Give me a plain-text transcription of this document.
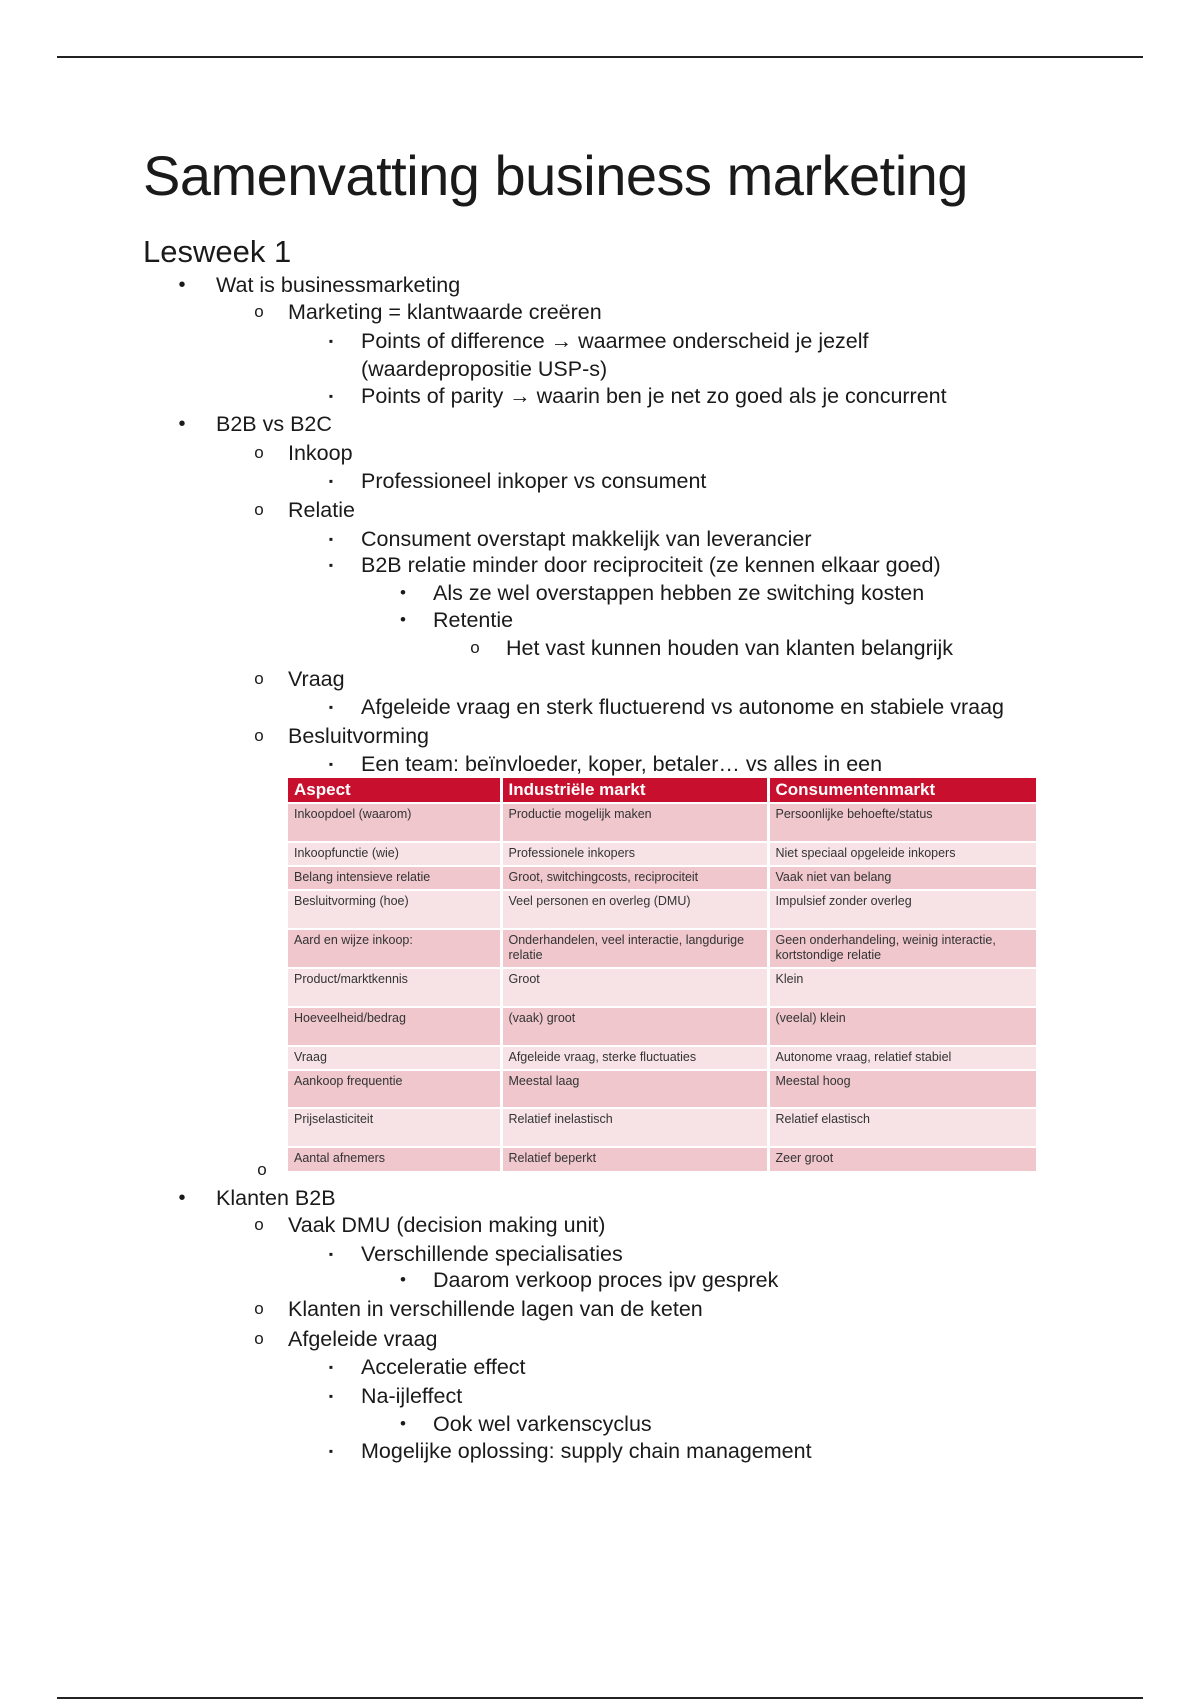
Samenvatting business marketing
Lesweek 1
•	Wat is businessmarketing
o Marketing = klantwaarde creëren
▪	Points of difference → waarmee onderscheid je jezelf
(waardepropositie USP-s)
▪	Points of parity → waarin ben je net zo goed als je concurrent
•	B2B vs B2C
o Inkoop
▪	Professioneel inkoper vs consument
o Relatie
▪	Consument overstapt makkelijk van leverancier
▪	B2B relatie minder door reciprociteit (ze kennen elkaar goed)
•	Als ze wel overstappen hebben ze switching kosten
•	Retentie
o Het vast kunnen houden van klanten belangrijk
o Vraag
▪	Afgeleide vraag en sterk fluctuerend vs autonome en stabiele vraag
o Besluitvorming
▪	Een team: beïnvloeder, koper, betaler… vs alles in een
•	Klanten B2B
o Vaak DMU (decision making unit)
▪	Verschillende specialisaties
•	Daarom verkoop proces ipv gesprek
o Klanten in verschillende lagen van de keten
o Afgeleide vraag
▪	Acceleratie effect
▪	Na-ijleffect
•	Ook wel varkenscyclus
▪	Mogelijke oplossing: supply chain management
o
Aspect	Industriële markt	Consumentenmarkt
Inkoopdoel (waarom)	Productie mogelijk maken	Persoonlijke behoefte/status
Inkoopfunctie (wie)	Professionele inkopers	Niet speciaal opgeleide inkopers
Belang intensieve relatie	Groot, switchingcosts, reciprociteit	Vaak niet van belang
Besluitvorming (hoe)	Veel personen en overleg (DMU)	Impulsief zonder overleg
Aard en wijze inkoop:	Onderhandelen, veel interactie, langdurige relatie	Geen onderhandeling, weinig interactie, kortstondige relatie
Product/marktkennis	Groot	Klein
Hoeveelheid/bedrag	(vaak) groot	(veelal) klein
Vraag	Afgeleide vraag, sterke fluctuaties	Autonome vraag, relatief stabiel
Aankoop frequentie	Meestal laag	Meestal hoog
Prijselasticiteit	Relatief inelastisch	Relatief elastisch
Aantal afnemers	Relatief beperkt	Zeer groot
